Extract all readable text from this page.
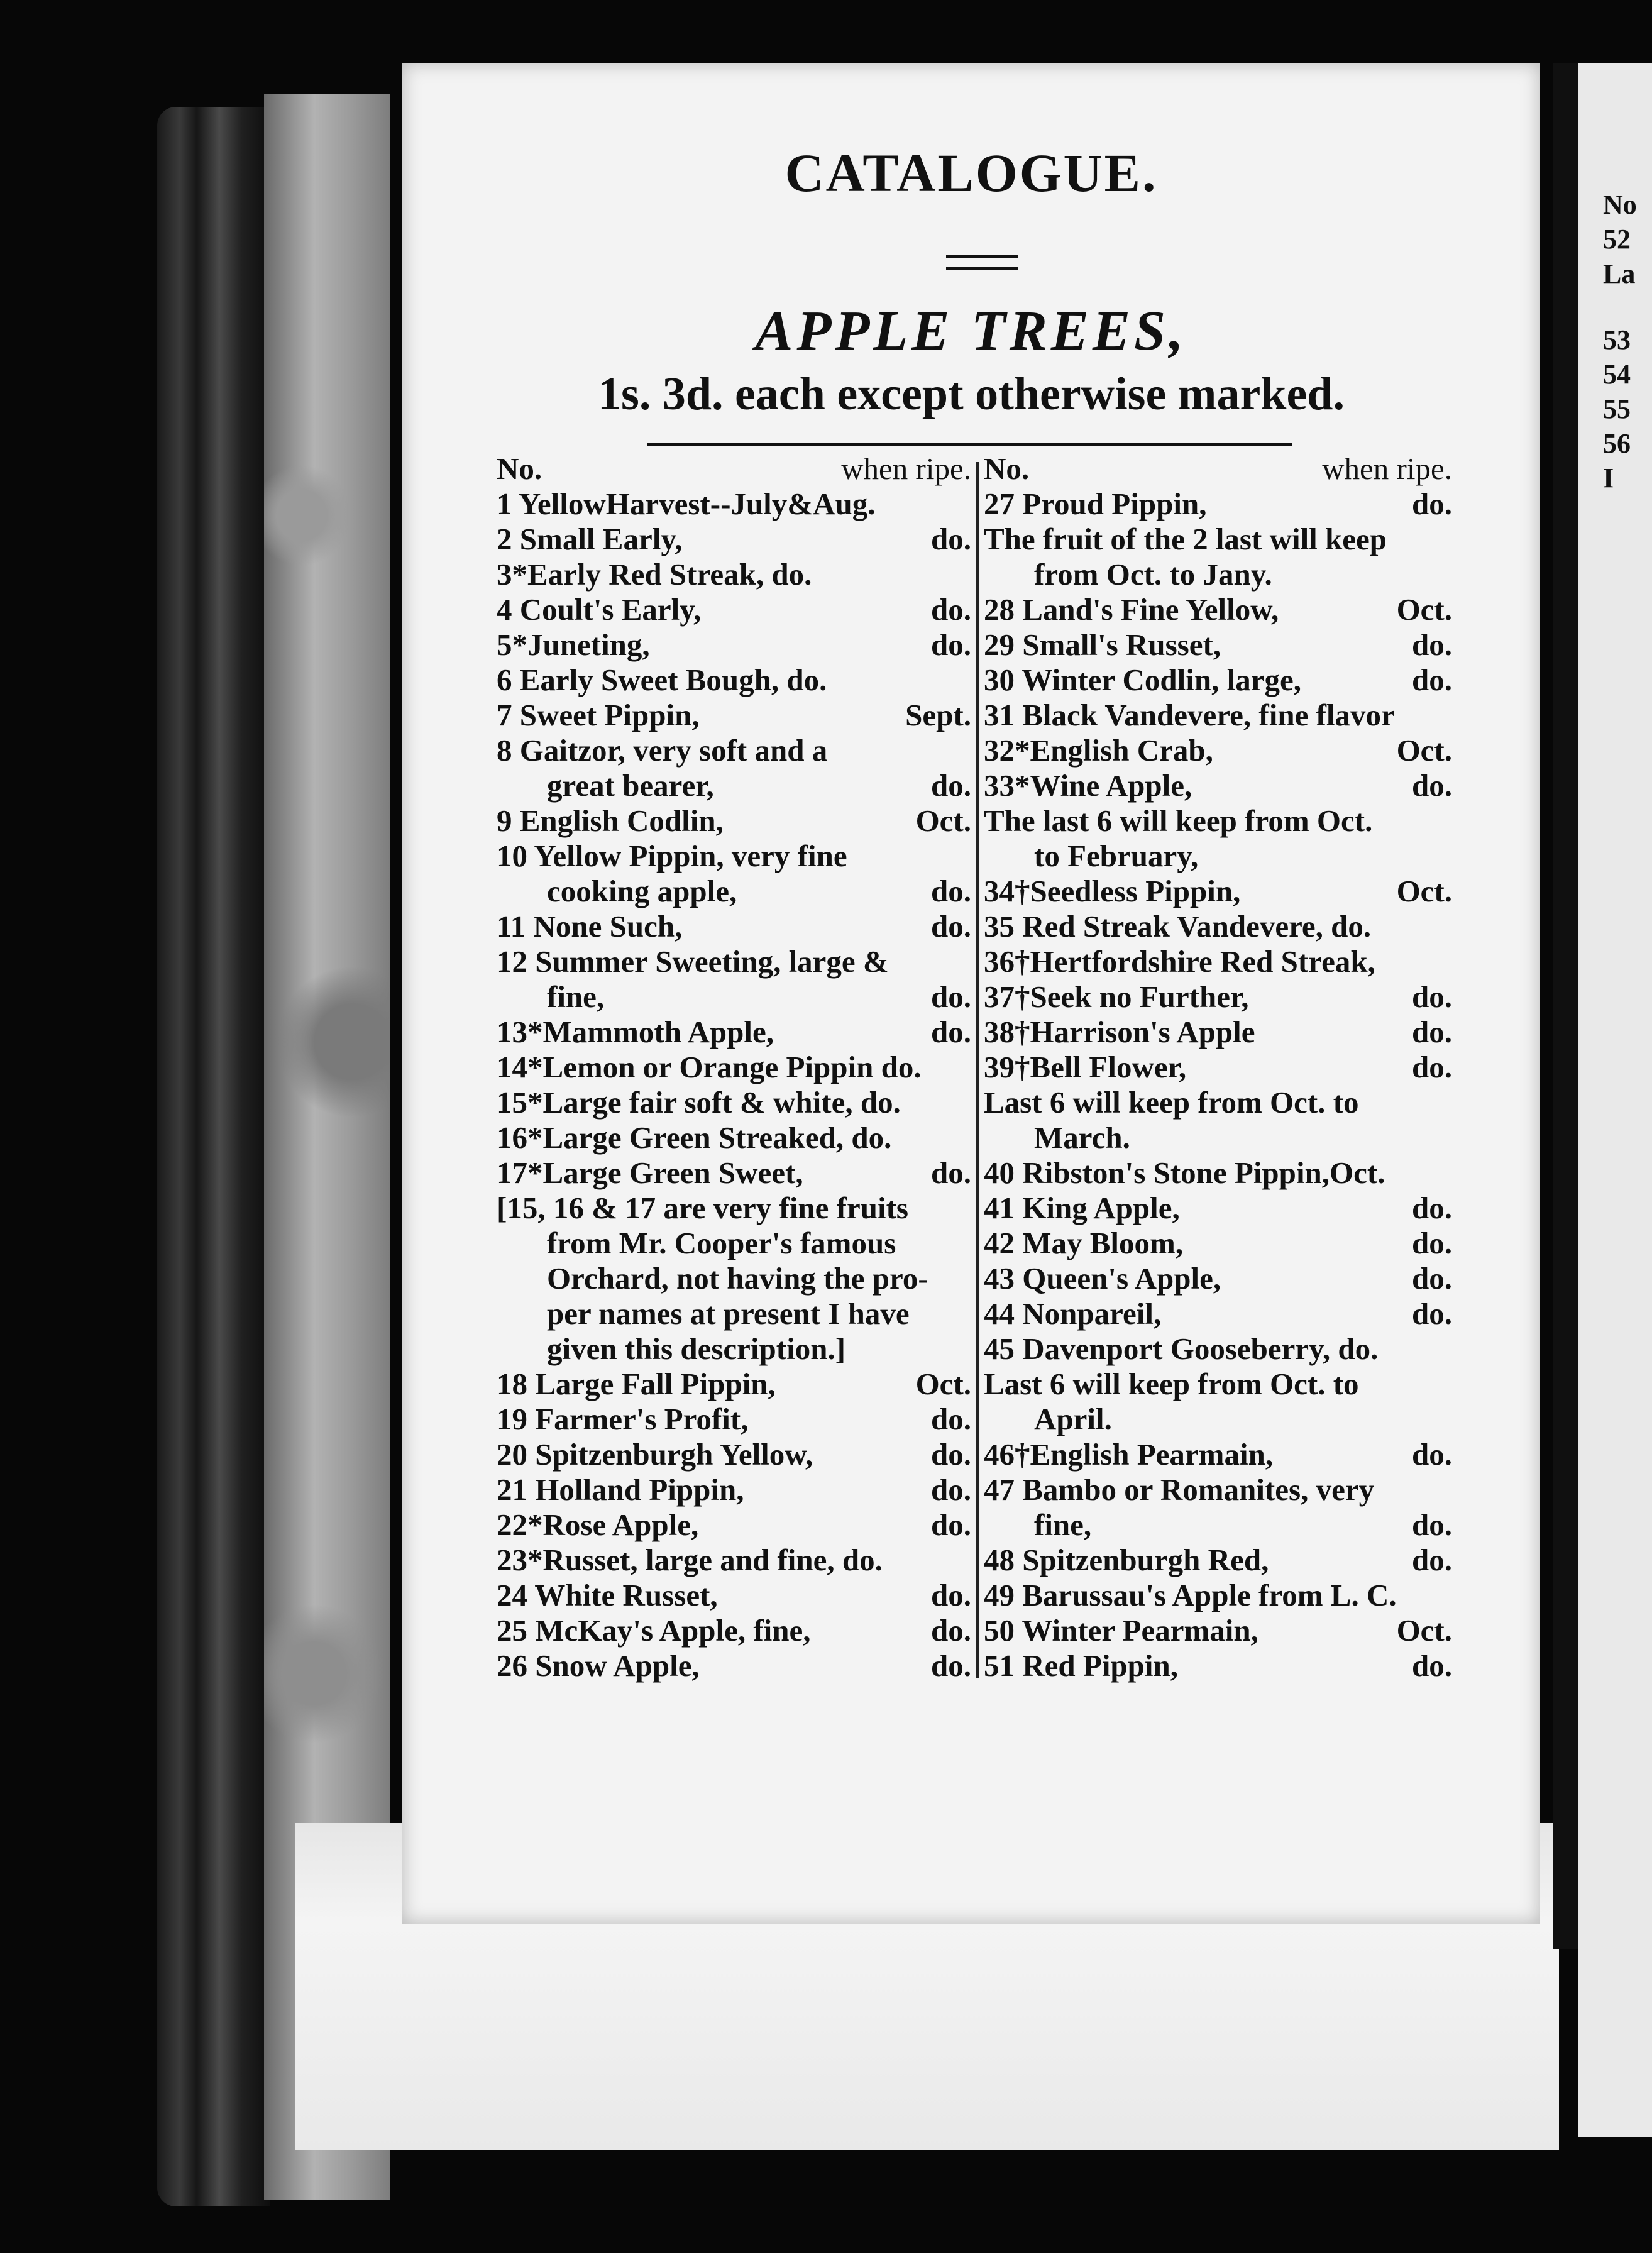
No
52
La
53
54
55
56
I
CATALOGUE.
APPLE TREES,
1s. 3d. each except otherwise marked.
No.	when ripe.
1 YellowHarvest--July&Aug.
2 Small Early,	do.
3*Early Red Streak, do.
4 Coult's Early,	do.
5*Juneting,	do.
6 Early Sweet Bough, do.
7 Sweet Pippin,	Sept.
8 Gaitzor, very soft and a
great bearer,	do.
9 English Codlin,	Oct.
10 Yellow Pippin, very fine
cooking apple,	do.
11 None Such,	do.
12 Summer Sweeting, large &
fine,	do.
13*Mammoth Apple,	do.
14*Lemon or Orange Pippin do.
15*Large fair soft & white, do.
16*Large Green Streaked, do.
17*Large Green Sweet,	do.
[15, 16 & 17 are very fine fruits
from Mr. Cooper's famous
Orchard, not having the pro-
per names at present I have
given this description.]
18 Large Fall Pippin,	Oct.
19 Farmer's Profit,	do.
20 Spitzenburgh Yellow,	do.
21 Holland Pippin,	do.
22*Rose Apple,	do.
23*Russet, large and fine, do.
24 White Russet,	do.
25 McKay's Apple, fine,	do.
26 Snow Apple,	do.
No.	when ripe.
27 Proud Pippin,	do.
The fruit of the 2 last will keep
from Oct. to Jany.
28 Land's Fine Yellow,	Oct.
29 Small's Russet,	do.
30 Winter Codlin, large,	do.
31 Black Vandevere, fine flavor
32*English Crab,	Oct.
33*Wine Apple,	do.
The last 6 will keep from Oct.
to February,
34†Seedless Pippin,	Oct.
35 Red Streak Vandevere, do.
36†Hertfordshire Red Streak,
37†Seek no Further,	do.
38†Harrison's Apple	do.
39†Bell Flower,	do.
Last 6 will keep from Oct. to
March.
40 Ribston's Stone Pippin,Oct.
41 King Apple,	do.
42 May Bloom,	do.
43 Queen's Apple,	do.
44 Nonpareil,	do.
45 Davenport Gooseberry, do.
Last 6 will keep from Oct. to
April.
46†English Pearmain,	do.
47 Bambo or Romanites, very
fine,	do.
48 Spitzenburgh Red,	do.
49 Barussau's Apple from L. C.
50 Winter Pearmain,	Oct.
51 Red Pippin,	do.
